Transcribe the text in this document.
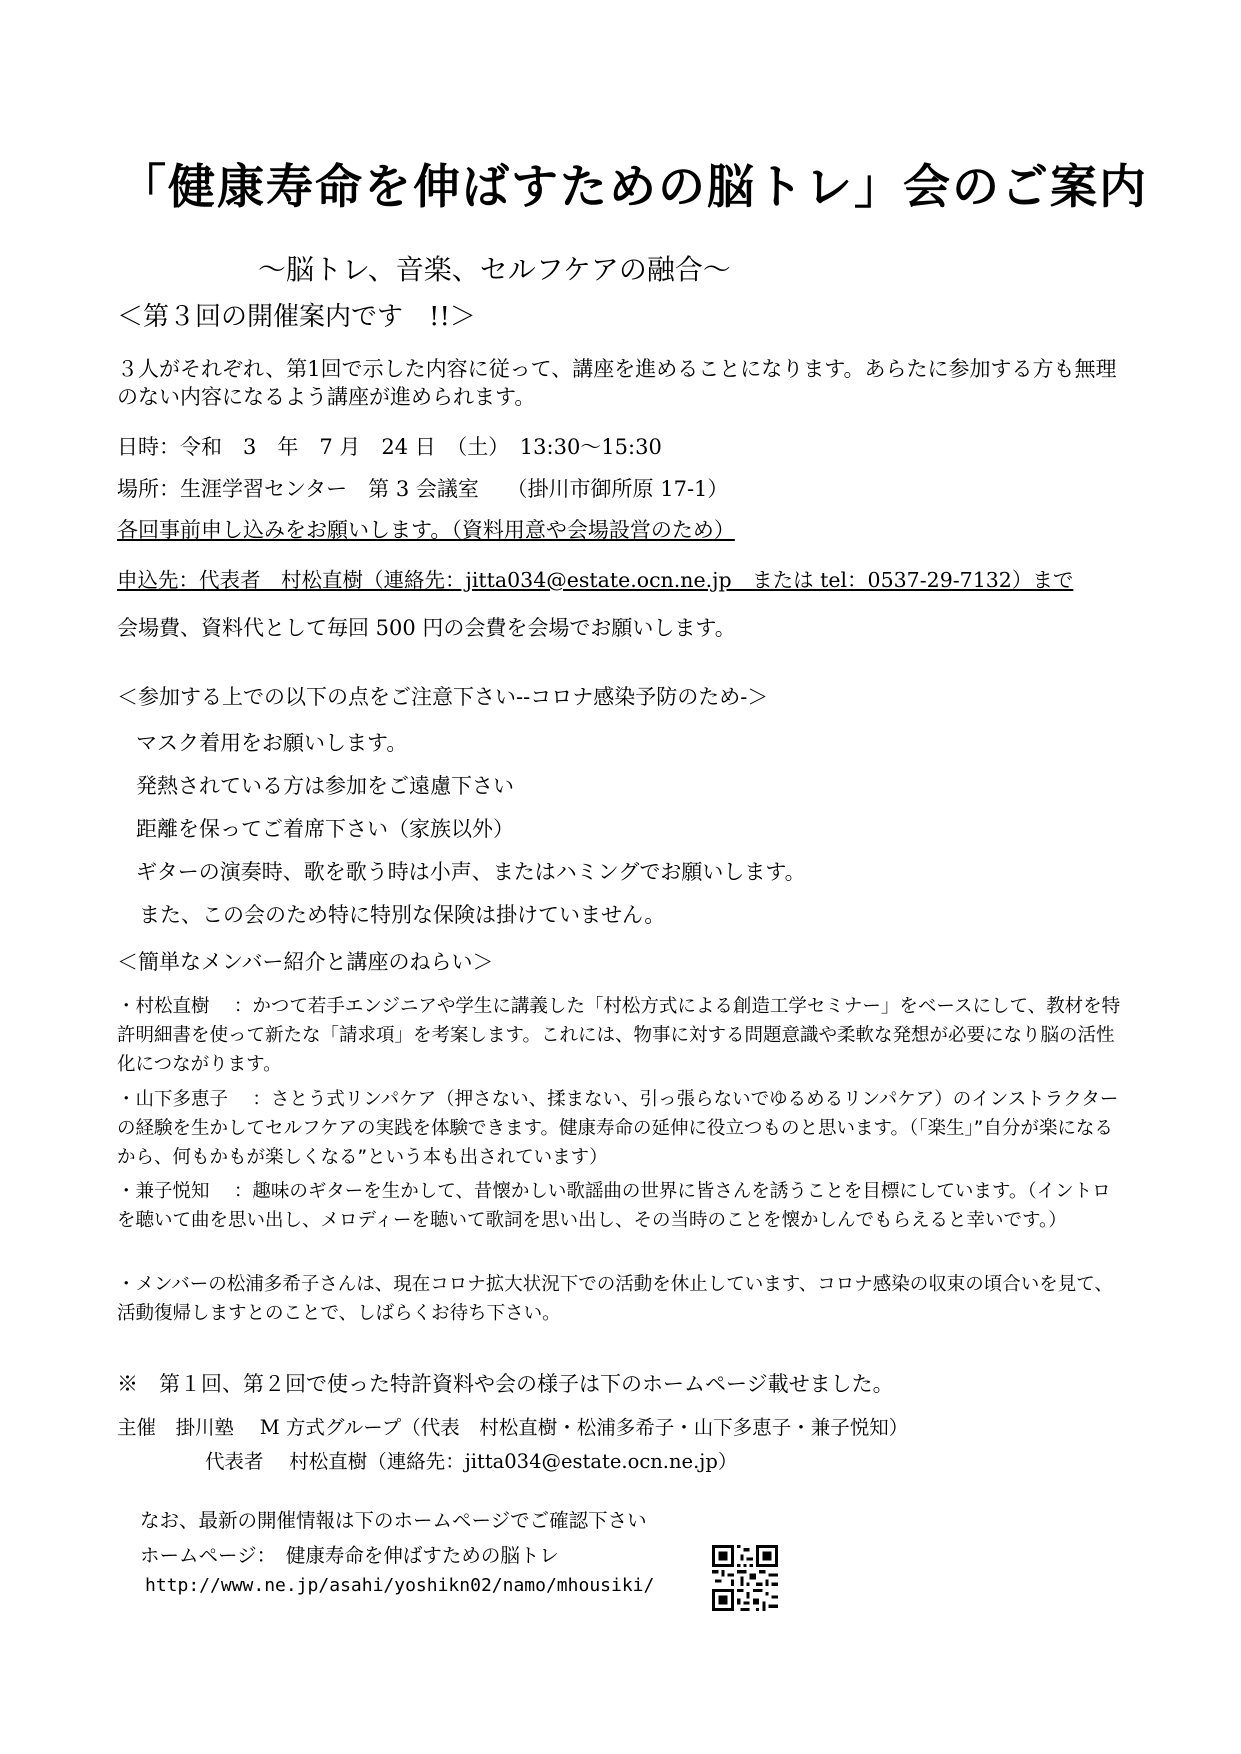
「健康寿命を伸ばすための脳トレ」会のご案内
～脳トレ、音楽、セルフケアの融合～
＜第３回の開催案内です　!!＞
３人がそれぞれ、第1回で示した内容に従って、講座を進めることになります。あらたに参加する方も無理のない内容になるよう講座が進められます。
日時：令和　3　年　7 月　24 日　（土）　13:30～15:30
場所：生涯学習センター　第 3 会議室　 （掛川市御所原 17-1）
各回事前申し込みをお願いします。（資料用意や会場設営のため）
申込先：代表者　村松直樹（連絡先：jitta034@estate.ocn.ne.jp　または tel：0537-29-7132）まで
会場費、資料代として毎回 500 円の会費を会場でお願いします。
＜参加する上での以下の点をご注意下さい--コロナ感染予防のため-＞
マスク着用をお願いします。
発熱されている方は参加をご遠慮下さい
距離を保ってご着席下さい（家族以外）
ギターの演奏時、歌を歌う時は小声、またはハミングでお願いします。
また、この会のため特に特別な保険は掛けていません。
＜簡単なメンバー紹介と講座のねらい＞
・村松直樹　 ：かつて若手エンジニアや学生に講義した「村松方式による創造工学セミナー」をベースにして、教材を特許明細書を使って新たな「請求項」を考案します。これには、物事に対する問題意識や柔軟な発想が必要になり脳の活性化につながります。
・山下多恵子　 ：さとう式リンパケア（押さない、揉まない、引っ張らないでゆるめるリンパケア）のインストラクターの経験を生かしてセルフケアの実践を体験できます。健康寿命の延伸に役立つものと思います。（「楽生」”自分が楽になるから、何もかもが楽しくなる”という本も出されています）
・兼子悦知　 ：趣味のギターを生かして、昔懐かしい歌謡曲の世界に皆さんを誘うことを目標にしています。（イントロを聴いて曲を思い出し、メロディーを聴いて歌詞を思い出し、その当時のことを懐かしんでもらえると幸いです。）
・メンバーの松浦多希子さんは、現在コロナ拡大状況下での活動を休止しています、コロナ感染の収束の頃合いを見て、活動復帰しますとのことで、しばらくお待ち下さい。
※　第１回、第２回で使った特許資料や会の様子は下のホームページ載せました。
主催　掛川塾　 M 方式グループ（代表　村松直樹・松浦多希子・山下多恵子・兼子悦知）
代表者　 村松直樹（連絡先：jitta034@estate.ocn.ne.jp）
なお、最新の開催情報は下のホームページでご確認下さい
ホームページ：　健康寿命を伸ばすための脳トレ
http://www.ne.jp/asahi/yoshikn02/namo/mhousiki/
